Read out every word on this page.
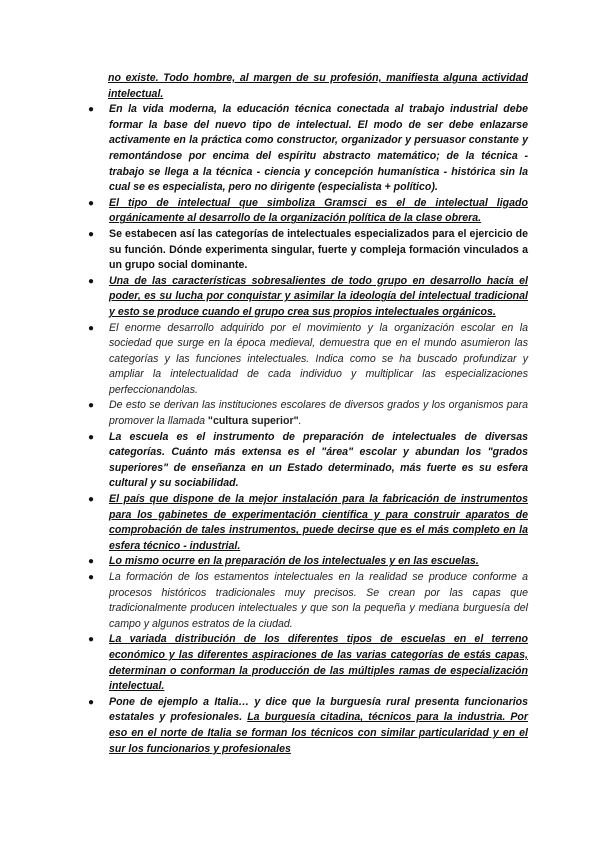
no existe. Todo hombre, al margen de su profesión, manifiesta alguna actividad intelectual.
● En la vida moderna, la educación técnica conectada al trabajo industrial debe formar la base del nuevo tipo de intelectual. El modo de ser debe enlazarse activamente en la práctica como constructor, organizador y persuasor constante y remontándose por encima del espíritu abstracto matemático; de la técnica - trabajo se llega a la técnica - ciencia y concepción humanística - histórica sin la cual se es especialista, pero no dirigente (especialista + político).
● El tipo de intelectual que simboliza Gramsci es el de intelectual ligado orgánicamente al desarrollo de la organización política de la clase obrera.
● Se estabecen así las categorías de intelectuales especializados para el ejercicio de su función. Dónde experimenta singular, fuerte y compleja formación vinculados a un grupo social dominante.
● Una de las características sobresalientes de todo grupo en desarrollo hacía el poder, es su lucha por conquistar y asimilar la ideología del intelectual tradicional y esto se produce cuando el grupo crea sus propios intelectuales orgánicos.
● El enorme desarrollo adquirido por el movimiento y la organización escolar en la sociedad que surge en la época medieval, demuestra que en el mundo asumieron las categorías y las funciones intelectuales. Indica como se ha buscado profundizar y ampliar la intelectualidad de cada individuo y multiplicar las especializaciones perfeccionandolas.
● De esto se derivan las instituciones escolares de diversos grados y los organismos para promover la llamada "cultura superior".
● La escuela es el instrumento de preparación de intelectuales de diversas categorías. Cuánto más extensa es el "área" escolar y abundan los "grados superiores" de enseñanza en un Estado determinado, más fuerte es su esfera cultural y su sociabilidad.
● El país que dispone de la mejor instalación para la fabricación de instrumentos para los gabinetes de experimentación científica y para construir aparatos de comprobación de tales instrumentos, puede decirse que es el más completo en la esfera técnico - industrial.
● Lo mismo ocurre en la preparación de los intelectuales y en las escuelas.
● La formación de los estamentos intelectuales en la realidad se produce conforme a procesos históricos tradicionales muy precisos. Se crean por las capas que tradicionalmente producen intelectuales y que son la pequeña y mediana burguesía del campo y algunos estratos de la ciudad.
● La variada distribución de los diferentes tipos de escuelas en el terreno económico y las diferentes aspiraciones de las varias categorías de estás capas, determinan o conforman la producción de las múltiples ramas de especialización intelectual.
● Pone de ejemplo a Italia… y dice que la burguesía rural presenta funcionarios estatales y profesionales. La burguesía citadina, técnicos para la industria. Por eso en el norte de Italia se forman los técnicos con similar particularidad y en el sur los funcionarios y profesionales
